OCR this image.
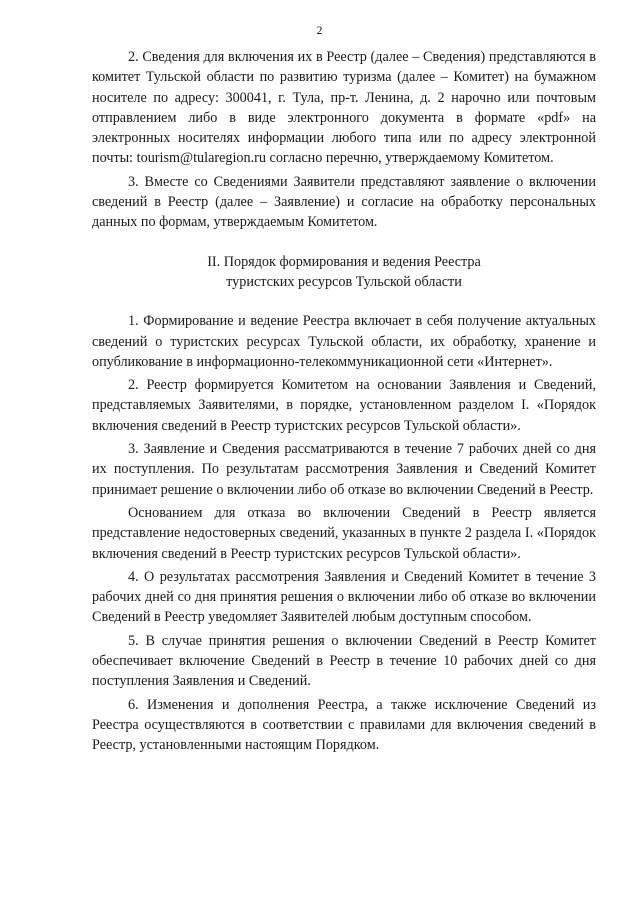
2

2. Сведения для включения их в Реестр (далее – Сведения) представляются в комитет Тульской области по развитию туризма (далее – Комитет) на бумажном носителе по адресу: 300041, г. Тула, пр-т. Ленина, д. 2 нарочно или почтовым отправлением либо в виде электронного документа в формате «pdf» на электронных носителях информации любого типа или по адресу электронной почты: tourism@tularegion.ru согласно перечню, утверждаемому Комитетом.

3. Вместе со Сведениями Заявители представляют заявление о включении сведений в Реестр (далее – Заявление) и согласие на обработку персональных данных по формам, утверждаемым Комитетом.

II. Порядок формирования и ведения Реестра
туристских ресурсов Тульской области

1. Формирование и ведение Реестра включает в себя получение актуальных сведений о туристских ресурсах Тульской области, их обработку, хранение и опубликование в информационно-телекоммуникационной сети «Интернет».

2. Реестр формируется Комитетом на основании Заявления и Сведений, представляемых Заявителями, в порядке, установленном разделом I. «Порядок включения сведений в Реестр туристских ресурсов Тульской области».

3. Заявление и Сведения рассматриваются в течение 7 рабочих дней со дня их поступления. По результатам рассмотрения Заявления и Сведений Комитет принимает решение о включении либо об отказе во включении Сведений в Реестр.

Основанием для отказа во включении Сведений в Реестр является представление недостоверных сведений, указанных в пункте 2 раздела I. «Порядок включения сведений в Реестр туристских ресурсов Тульской области».

4. О результатах рассмотрения Заявления и Сведений Комитет в течение 3 рабочих дней со дня принятия решения о включении либо об отказе во включении Сведений в Реестр уведомляет Заявителей любым доступным способом.

5. В случае принятия решения о включении Сведений в Реестр Комитет обеспечивает включение Сведений в Реестр в течение 10 рабочих дней со дня поступления Заявления и Сведений.

6. Изменения и дополнения Реестра, а также исключение Сведений из Реестра осуществляются в соответствии с правилами для включения сведений в Реестр, установленными настоящим Порядком.
